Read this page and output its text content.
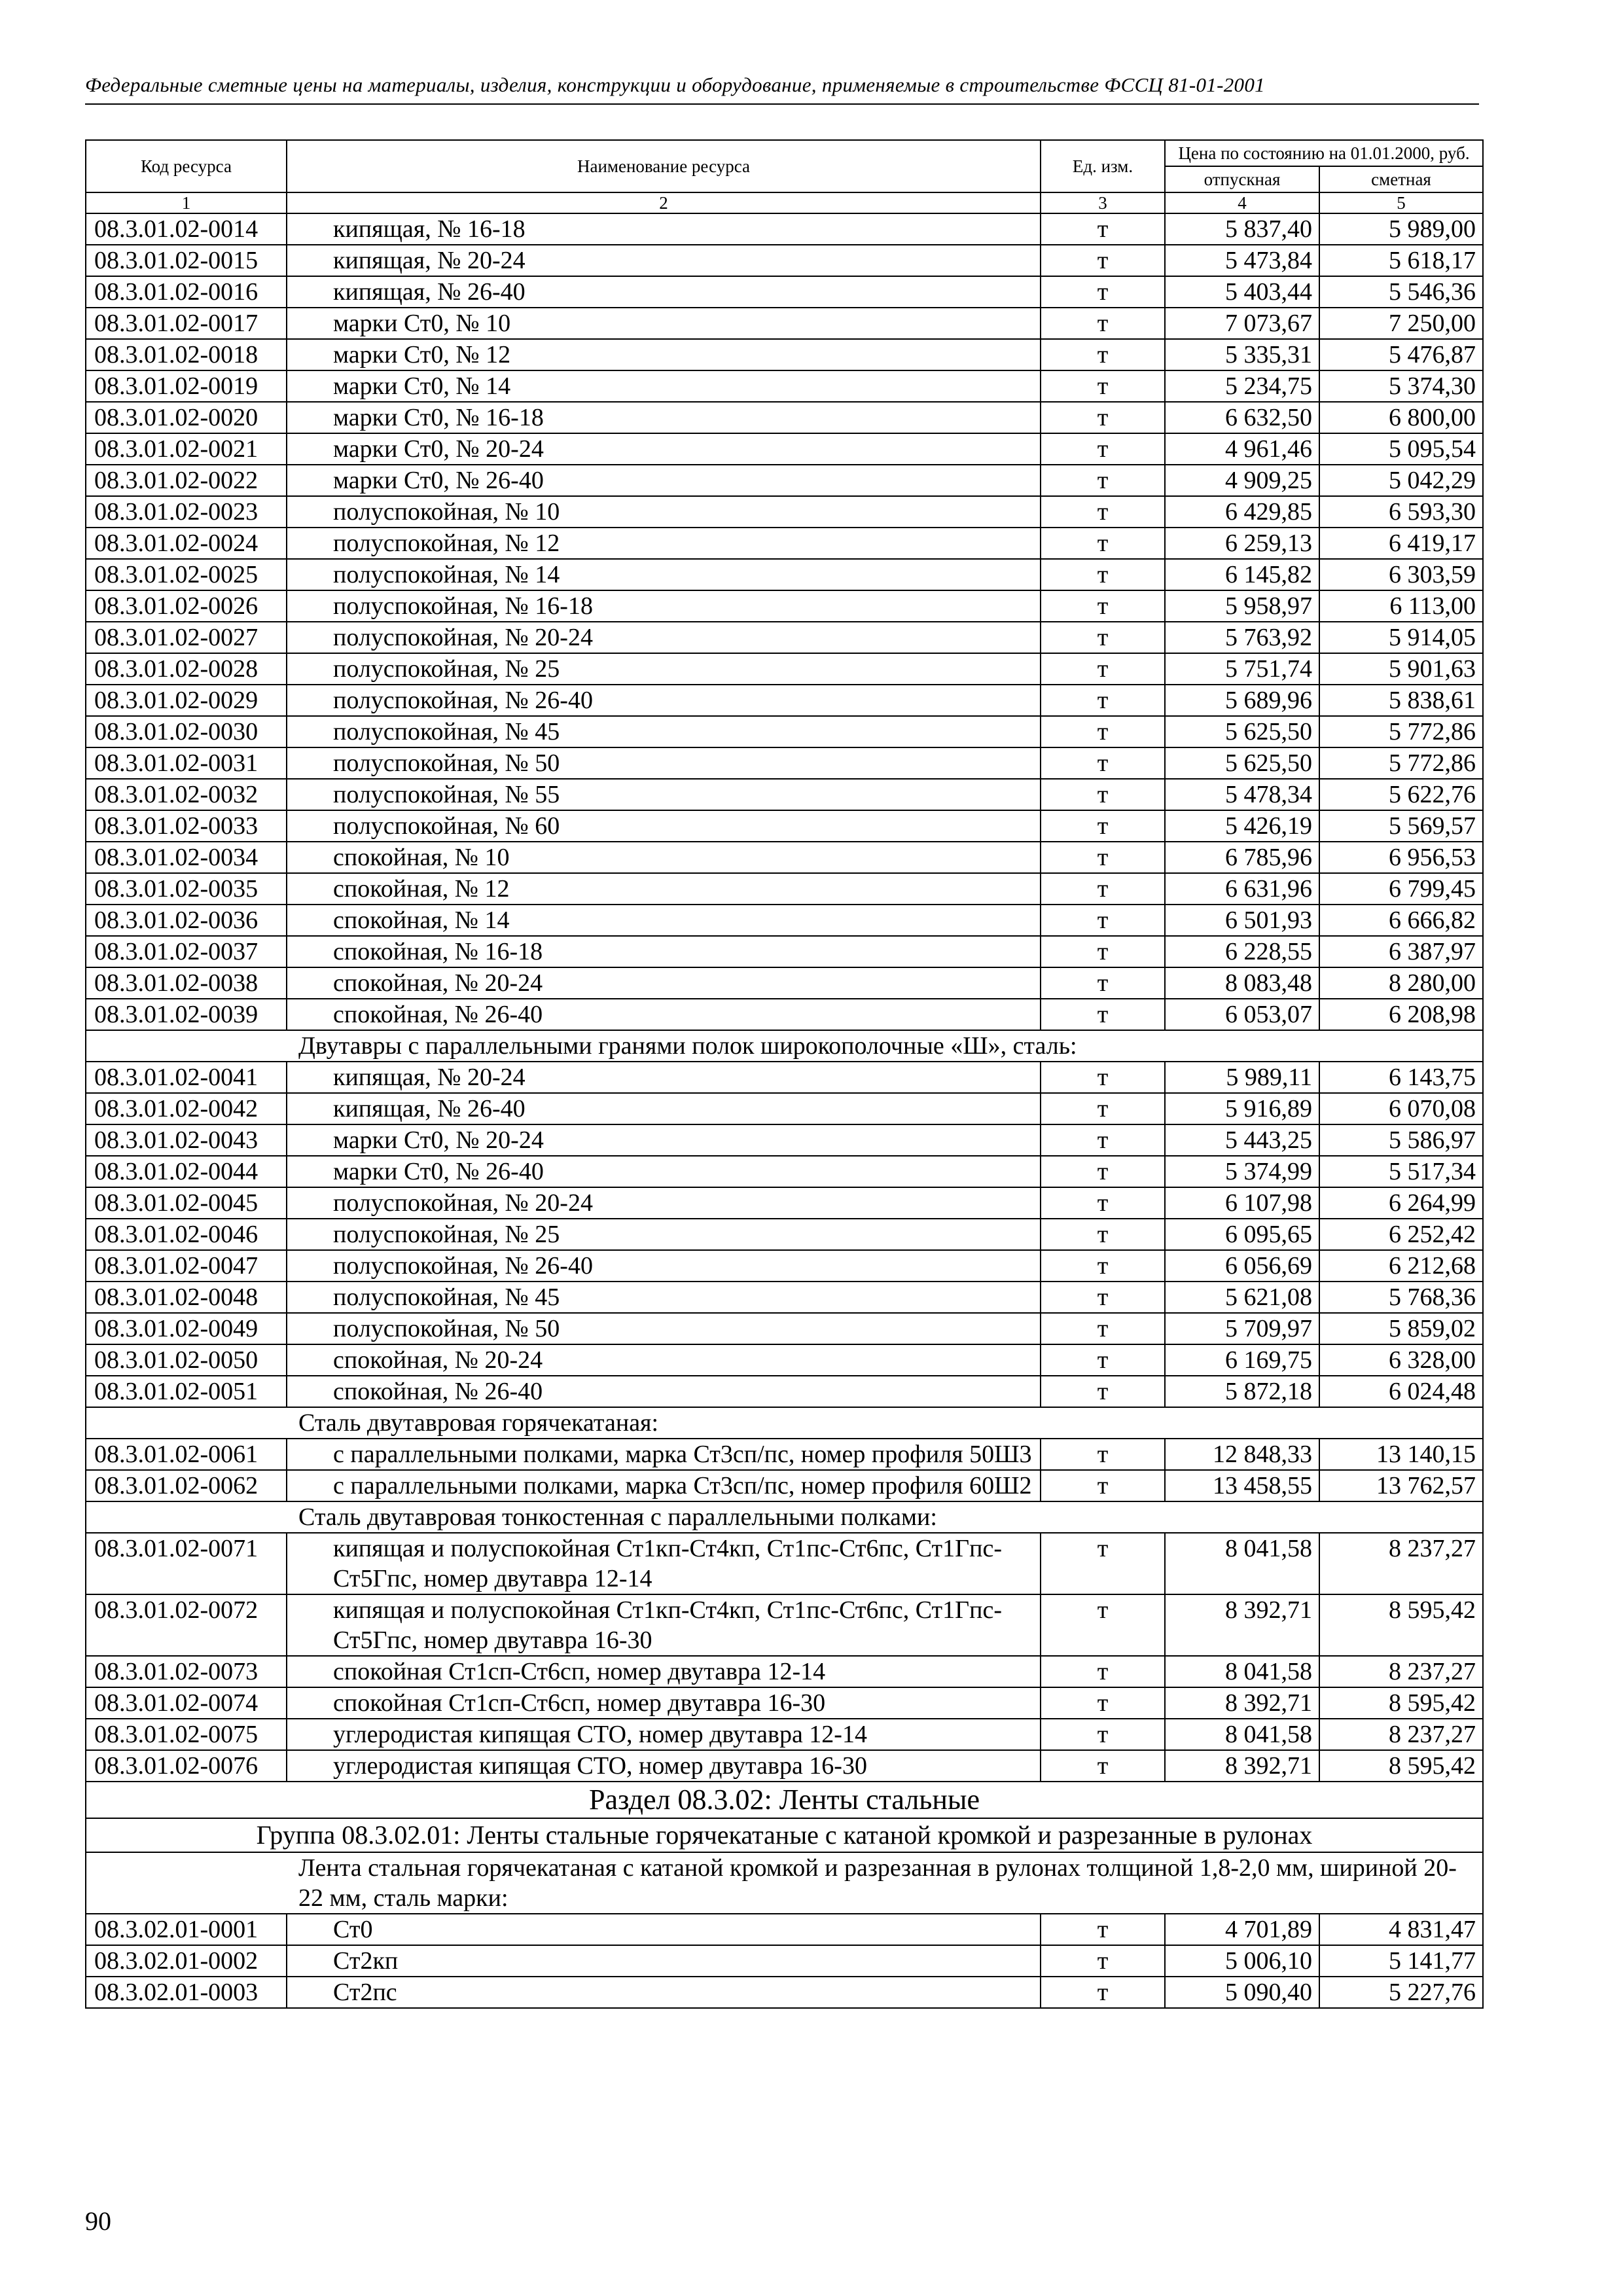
Федеральные сметные цены на материалы, изделия, конструкции и оборудование, применяемые в строительстве ФССЦ 81-01-2001
Код ресурса	Наименование ресурса	Ед. изм.	Цена по состоянию на 01.01.2000, руб.	
			отпускная	сметная
1	2	3	4	5
08.3.01.02-0014	кипящая, № 16-18	т	5 837,40	5 989,00
08.3.01.02-0015	кипящая, № 20-24	т	5 473,84	5 618,17
08.3.01.02-0016	кипящая, № 26-40	т	5 403,44	5 546,36
08.3.01.02-0017	марки Ст0, № 10	т	7 073,67	7 250,00
08.3.01.02-0018	марки Ст0, № 12	т	5 335,31	5 476,87
08.3.01.02-0019	марки Ст0, № 14	т	5 234,75	5 374,30
08.3.01.02-0020	марки Ст0, № 16-18	т	6 632,50	6 800,00
08.3.01.02-0021	марки Ст0, № 20-24	т	4 961,46	5 095,54
08.3.01.02-0022	марки Ст0, № 26-40	т	4 909,25	5 042,29
08.3.01.02-0023	полуспокойная, № 10	т	6 429,85	6 593,30
08.3.01.02-0024	полуспокойная, № 12	т	6 259,13	6 419,17
08.3.01.02-0025	полуспокойная, № 14	т	6 145,82	6 303,59
08.3.01.02-0026	полуспокойная, № 16-18	т	5 958,97	6 113,00
08.3.01.02-0027	полуспокойная, № 20-24	т	5 763,92	5 914,05
08.3.01.02-0028	полуспокойная, № 25	т	5 751,74	5 901,63
08.3.01.02-0029	полуспокойная, № 26-40	т	5 689,96	5 838,61
08.3.01.02-0030	полуспокойная, № 45	т	5 625,50	5 772,86
08.3.01.02-0031	полуспокойная, № 50	т	5 625,50	5 772,86
08.3.01.02-0032	полуспокойная, № 55	т	5 478,34	5 622,76
08.3.01.02-0033	полуспокойная, № 60	т	5 426,19	5 569,57
08.3.01.02-0034	спокойная, № 10	т	6 785,96	6 956,53
08.3.01.02-0035	спокойная, № 12	т	6 631,96	6 799,45
08.3.01.02-0036	спокойная, № 14	т	6 501,93	6 666,82
08.3.01.02-0037	спокойная, № 16-18	т	6 228,55	6 387,97
08.3.01.02-0038	спокойная, № 20-24	т	8 083,48	8 280,00
08.3.01.02-0039	спокойная, № 26-40	т	6 053,07	6 208,98
	Двутавры с параллельными гранями полок широкополочные «Ш», сталь:			
08.3.01.02-0041	кипящая, № 20-24	т	5 989,11	6 143,75
08.3.01.02-0042	кипящая, № 26-40	т	5 916,89	6 070,08
08.3.01.02-0043	марки Ст0, № 20-24	т	5 443,25	5 586,97
08.3.01.02-0044	марки Ст0, № 26-40	т	5 374,99	5 517,34
08.3.01.02-0045	полуспокойная, № 20-24	т	6 107,98	6 264,99
08.3.01.02-0046	полуспокойная, № 25	т	6 095,65	6 252,42
08.3.01.02-0047	полуспокойная, № 26-40	т	6 056,69	6 212,68
08.3.01.02-0048	полуспокойная, № 45	т	5 621,08	5 768,36
08.3.01.02-0049	полуспокойная, № 50	т	5 709,97	5 859,02
08.3.01.02-0050	спокойная, № 20-24	т	6 169,75	6 328,00
08.3.01.02-0051	спокойная, № 26-40	т	5 872,18	6 024,48
	Сталь двутавровая горячекатаная:			
08.3.01.02-0061	с параллельными полками, марка Ст3сп/пс, номер профиля 50Ш3	т	12 848,33	13 140,15
08.3.01.02-0062	с параллельными полками, марка Ст3сп/пс, номер профиля 60Ш2	т	13 458,55	13 762,57
	Сталь двутавровая тонкостенная с параллельными полками:			
08.3.01.02-0071	кипящая и полуспокойная Ст1кп-Ст4кп, Ст1пс-Ст6пс, Ст1Гпс- Ст5Гпс, номер двутавра 12-14	т	8 041,58	8 237,27
08.3.01.02-0072	кипящая и полуспокойная Ст1кп-Ст4кп, Ст1пс-Ст6пс, Ст1Гпс- Ст5Гпс, номер двутавра 16-30	т	8 392,71	8 595,42
08.3.01.02-0073	спокойная Ст1сп-Ст6сп, номер двутавра 12-14	т	8 041,58	8 237,27
08.3.01.02-0074	спокойная Ст1сп-Ст6сп, номер двутавра 16-30	т	8 392,71	8 595,42
08.3.01.02-0075	углеродистая кипящая СТО, номер двутавра 12-14	т	8 041,58	8 237,27
08.3.01.02-0076	углеродистая кипящая СТО, номер двутавра 16-30	т	8 392,71	8 595,42
Раздел 08.3.02: Ленты стальные				
Группа 08.3.02.01: Ленты стальные горячекатаные с катаной кромкой и разрезанные в рулонах				
	Лента стальная горячекатаная с катаной кромкой и разрезанная в рулонах толщиной 1,8-2,0 мм, шириной 20-22 мм, сталь марки:			
08.3.02.01-0001	Ст0	т	4 701,89	4 831,47
08.3.02.01-0002	Ст2кп	т	5 006,10	5 141,77
08.3.02.01-0003	Ст2пс	т	5 090,40	5 227,76
90
